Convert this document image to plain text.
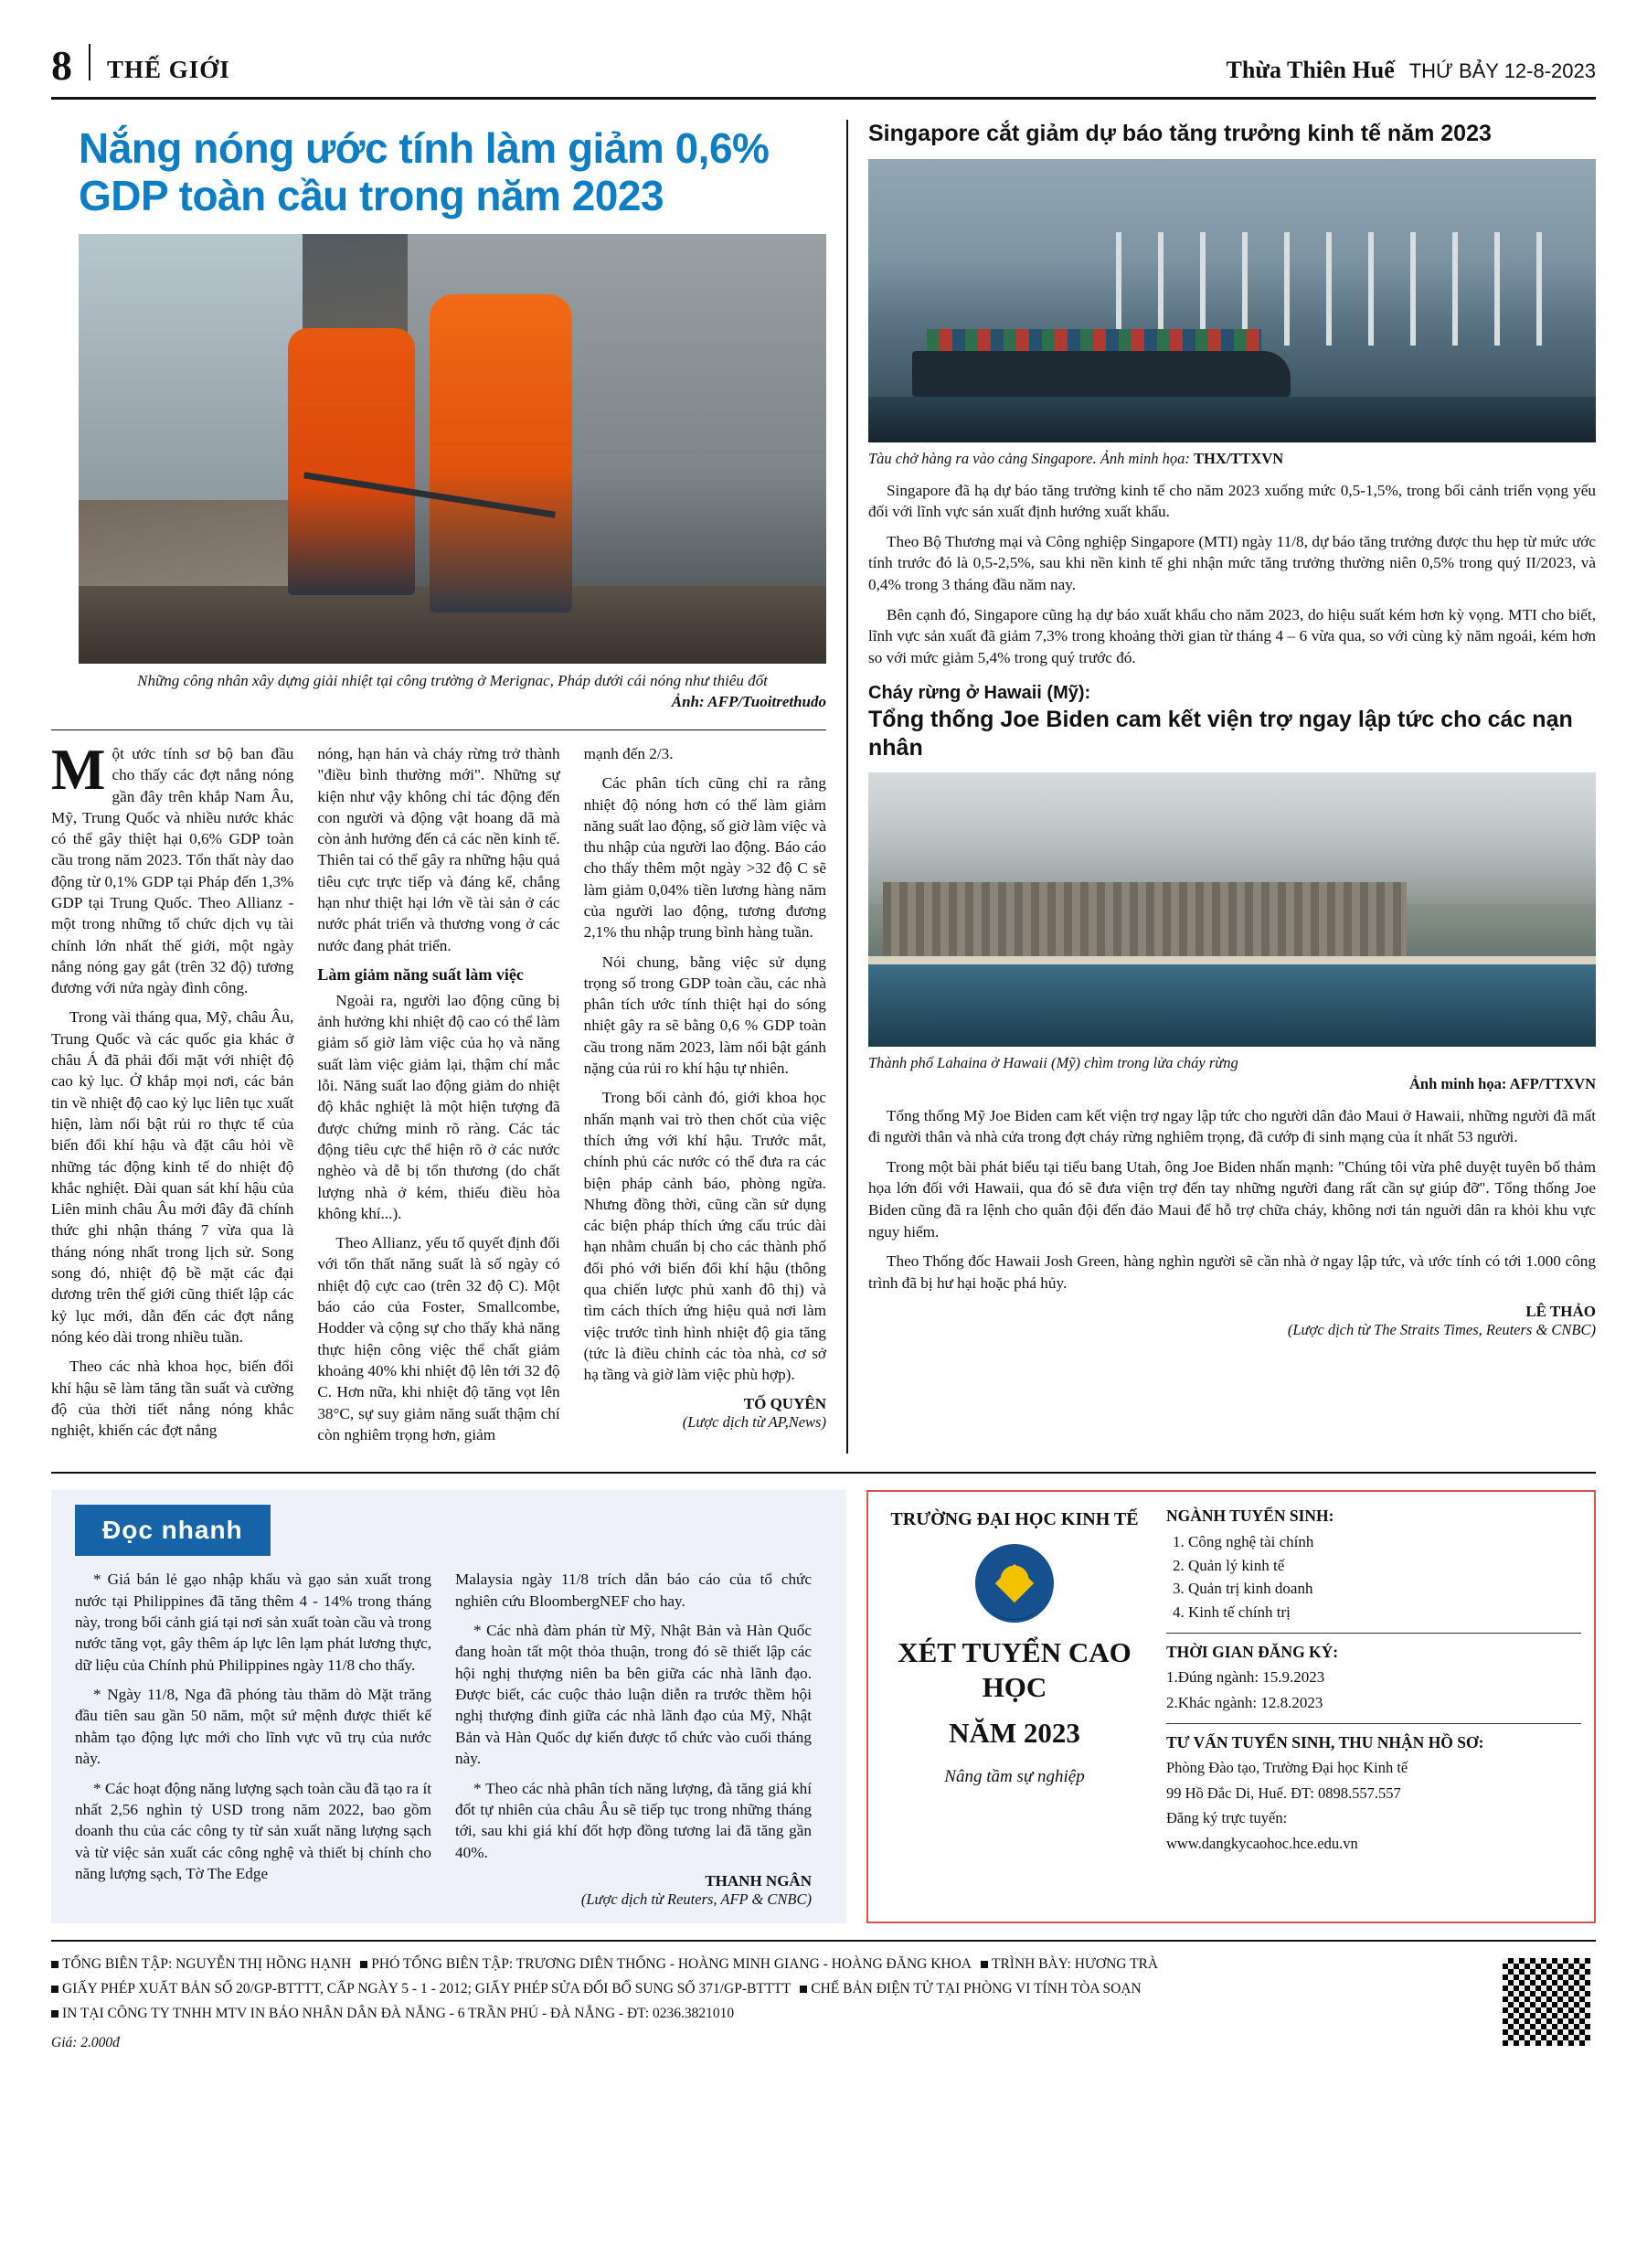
8 THẾ GIỚI	Thừa Thiên Huế THỨ BẢY 12-8-2023
Nắng nóng ước tính làm giảm 0,6% GDP toàn cầu trong năm 2023
Những công nhân xây dựng giải nhiệt tại công trường ở Merignac, Pháp dưới cái nóng như thiêu đốt
Ảnh: AFP/Tuoitrethudo

Một ước tính sơ bộ ban đầu cho thấy các đợt nắng nóng gần đây trên khắp Nam Âu, Mỹ, Trung Quốc và nhiều nước khác có thể gây thiệt hại 0,6% GDP toàn cầu trong năm 2023. Tổn thất này dao động từ 0,1% GDP tại Pháp đến 1,3% GDP tại Trung Quốc. Theo Allianz - một trong những tổ chức dịch vụ tài chính lớn nhất thế giới, một ngày nắng nóng gay gắt (trên 32 độ) tương đương với nửa ngày đình công.

Trong vài tháng qua, Mỹ, châu Âu, Trung Quốc và các quốc gia khác ở châu Á đã phải đối mặt với nhiệt độ cao kỷ lục. Ở khắp mọi nơi, các bản tin về nhiệt độ cao kỷ lục liên tục xuất hiện, làm nổi bật rủi ro thực tế của biến đổi khí hậu và đặt câu hỏi về những tác động kinh tế do nhiệt độ khắc nghiệt. Đài quan sát khí hậu của Liên minh châu Âu mới đây đã chính thức ghi nhận tháng 7 vừa qua là tháng nóng nhất trong lịch sử. Song song đó, nhiệt độ bề mặt các đại dương trên thế giới cũng thiết lập các kỷ lục mới, dẫn đến các đợt nắng nóng kéo dài trong nhiều tuần.

Theo các nhà khoa học, biến đổi khí hậu sẽ làm tăng tần suất và cường độ của thời tiết nắng nóng khắc nghiệt, khiến các đợt nắng

nóng, hạn hán và cháy rừng trở thành "điều bình thường mới". Những sự kiện như vậy không chỉ tác động đến con người và động vật hoang dã mà còn ảnh hưởng đến cả các nền kinh tế. Thiên tai có thể gây ra những hậu quả tiêu cực trực tiếp và đáng kể, chẳng hạn như thiệt hại lớn về tài sản ở các nước phát triển và thương vong ở các nước đang phát triển.

Làm giảm năng suất làm việc

Ngoài ra, người lao động cũng bị ảnh hưởng khi nhiệt độ cao có thể làm giảm số giờ làm việc của họ và năng suất làm việc giảm lại, thậm chí mắc lỗi. Năng suất lao động giảm do nhiệt độ khắc nghiệt là một hiện tượng đã được chứng minh rõ ràng. Các tác động tiêu cực thể hiện rõ ở các nước nghèo và dễ bị tổn thương (do chất lượng nhà ở kém, thiếu điều hòa không khí...).

Theo Allianz, yếu tố quyết định đối với tổn thất năng suất là số ngày có nhiệt độ cực cao (trên 32 độ C). Một báo cáo của Foster, Smallcombe, Hodder và cộng sự cho thấy khả năng thực hiện công việc thể chất giảm khoảng 40% khi nhiệt độ lên tới 32 độ C. Hơn nữa, khi nhiệt độ tăng vọt lên 38°C, sự suy giảm năng suất thậm chí còn nghiêm trọng hơn, giảm

mạnh đến 2/3.

Các phân tích cũng chỉ ra rằng nhiệt độ nóng hơn có thể làm giảm năng suất lao động, số giờ làm việc và thu nhập của người lao động. Báo cáo cho thấy thêm một ngày >32 độ C sẽ làm giảm 0,04% tiền lương hàng năm của người lao động, tương đương 2,1% thu nhập trung bình hàng tuần.

Nói chung, bằng việc sử dụng trọng số trong GDP toàn cầu, các nhà phân tích ước tính thiệt hại do sóng nhiệt gây ra sẽ bằng 0,6 % GDP toàn cầu trong năm 2023, làm nổi bật gánh nặng của rủi ro khí hậu tự nhiên.

Trong bối cảnh đó, giới khoa học nhấn mạnh vai trò then chốt của việc thích ứng với khí hậu. Trước mắt, chính phủ các nước có thể đưa ra các biện pháp cảnh báo, phòng ngừa. Nhưng đồng thời, cũng cần sử dụng các biện pháp thích ứng cấu trúc dài hạn nhằm chuẩn bị cho các thành phố đối phó với biến đổi khí hậu (thông qua chiến lược phủ xanh đô thị) và tìm cách thích ứng hiệu quả nơi làm việc trước tình hình nhiệt độ gia tăng (tức là điều chỉnh các tòa nhà, cơ sở hạ tầng và giờ làm việc phù hợp).

TỐ QUYÊN
(Lược dịch từ AP,News)
Singapore cắt giảm dự báo tăng trưởng kinh tế năm 2023
Tàu chở hàng ra vào cảng Singapore. Ảnh minh họa: THX/TTXVN

Singapore đã hạ dự báo tăng trưởng kinh tế cho năm 2023 xuống mức 0,5-1,5%, trong bối cảnh triển vọng yếu đối với lĩnh vực sản xuất định hướng xuất khẩu.

Theo Bộ Thương mại và Công nghiệp Singapore (MTI) ngày 11/8, dự báo tăng trưởng được thu hẹp từ mức ước tính trước đó là 0,5-2,5%, sau khi nền kinh tế ghi nhận mức tăng trưởng thường niên 0,5% trong quý II/2023, và 0,4% trong 3 tháng đầu năm nay.

Bên cạnh đó, Singapore cũng hạ dự báo xuất khẩu cho năm 2023, do hiệu suất kém hơn kỳ vọng. MTI cho biết, lĩnh vực sản xuất đã giảm 7,3% trong khoảng thời gian từ tháng 4 – 6 vừa qua, so với cùng kỳ năm ngoái, kém hơn so với mức giảm 5,4% trong quý trước đó.

Cháy rừng ở Hawaii (Mỹ):
Tổng thống Joe Biden cam kết viện trợ ngay lập tức cho các nạn nhân
Thành phố Lahaina ở Hawaii (Mỹ) chìm trong lửa cháy rừng
Ảnh minh họa: AFP/TTXVN

Tổng thống Mỹ Joe Biden cam kết viện trợ ngay lập tức cho người dân đảo Maui ở Hawaii, những người đã mất đi người thân và nhà cửa trong đợt cháy rừng nghiêm trọng, đã cướp đi sinh mạng của ít nhất 53 người.

Trong một bài phát biểu tại tiểu bang Utah, ông Joe Biden nhấn mạnh: "Chúng tôi vừa phê duyệt tuyên bố thảm họa lớn đối với Hawaii, qua đó sẽ đưa viện trợ đến tay những người đang rất cần sự giúp đỡ". Tổng thống Joe Biden cũng đã ra lệnh cho quân đội đến đảo Maui để hỗ trợ chữa cháy, không nơi tán nguời dân ra khỏi khu vực nguy hiểm.

Theo Thống đốc Hawaii Josh Green, hàng nghìn người sẽ cần nhà ở ngay lập tức, và ước tính có tới 1.000 công trình đã bị hư hại hoặc phá hủy.

LÊ THẢO
(Lược dịch từ The Straits Times, Reuters & CNBC)
Đọc nhanh

* Giá bán lẻ gạo nhập khẩu và gạo sản xuất trong nước tại Philippines đã tăng thêm 4 - 14% trong tháng này, trong bối cảnh giá tại nơi sản xuất toàn cầu và trong nước tăng vọt, gây thêm áp lực lên lạm phát lương thực, dữ liệu của Chính phủ Philippines ngày 11/8 cho thấy.

* Ngày 11/8, Nga đã phóng tàu thăm dò Mặt trăng đầu tiên sau gần 50 năm, một sứ mệnh được thiết kế nhằm tạo động lực mới cho lĩnh vực vũ trụ của nước này.

* Các hoạt động năng lượng sạch toàn cầu đã tạo ra ít nhất 2,56 nghìn tỷ USD trong năm 2022, bao gồm doanh thu của các công ty từ sản xuất năng lượng sạch và từ việc sản xuất các công nghệ và thiết bị chính cho năng lượng sạch, Tờ The Edge

Malaysia ngày 11/8 trích dẫn báo cáo của tổ chức nghiên cứu BloombergNEF cho hay.

* Các nhà đàm phán từ Mỹ, Nhật Bản và Hàn Quốc đang hoàn tất một thỏa thuận, trong đó sẽ thiết lập các hội nghị thượng niên ba bên giữa các nhà lãnh đạo. Được biết, các cuộc thảo luận diễn ra trước thềm hội nghị thượng đỉnh giữa các nhà lãnh đạo của Mỹ, Nhật Bản và Hàn Quốc dự kiến được tổ chức vào cuối tháng này.

* Theo các nhà phân tích năng lượng, đà tăng giá khí đốt tự nhiên của châu Âu sẽ tiếp tục trong những tháng tới, sau khi giá khí đốt hợp đồng tương lai đã tăng gần 40%.

THANH NGÂN
(Lược dịch từ Reuters, AFP & CNBC)
TRƯỜNG ĐẠI HỌC KINH TẾ
XÉT TUYỂN CAO HỌC
NĂM 2023
Nâng tầm sự nghiệp
NGÀNH TUYỂN SINH:
1. Công nghệ tài chính
2. Quản lý kinh tế
3. Quản trị kinh doanh
4. Kinh tế chính trị
THỜI GIAN ĐĂNG KÝ:

1.Đúng ngành: 15.9.2023

2.Khác ngành: 12.8.2023

TƯ VẤN TUYỂN SINH, THU NHẬN HỒ SƠ:

Phòng Đào tạo, Trường Đại học Kinh tế

99 Hồ Đắc Di, Huế. ĐT: 0898.557.557

Đăng ký trực tuyến:

www.dangkycaohoc.hce.edu.vn

TỔNG BIÊN TẬP: NGUYỄN THỊ HỒNG HẠNH	PHÓ TỔNG BIÊN TẬP: TRƯƠNG DIÊN THỐNG - HOÀNG MINH GIANG - HOÀNG ĐĂNG KHOA	TRÌNH BÀY: HƯƠNG TRÀ
GIẤY PHÉP XUẤT BẢN SỐ 20/GP-BTTTT, CẤP NGÀY 5 - 1 - 2012; GIẤY PHÉP SỬA ĐỔI BỔ SUNG SỐ 371/GP-BTTTT	CHẾ BẢN ĐIỆN TỬ TẠI PHÒNG VI TÍNH TÒA SOẠN
IN TẠI CÔNG TY TNHH MTV IN BÁO NHÂN DÂN ĐÀ NẴNG - 6 TRẦN PHÚ - ĐÀ NẴNG - ĐT: 0236.3821010
Giá: 2.000đ
